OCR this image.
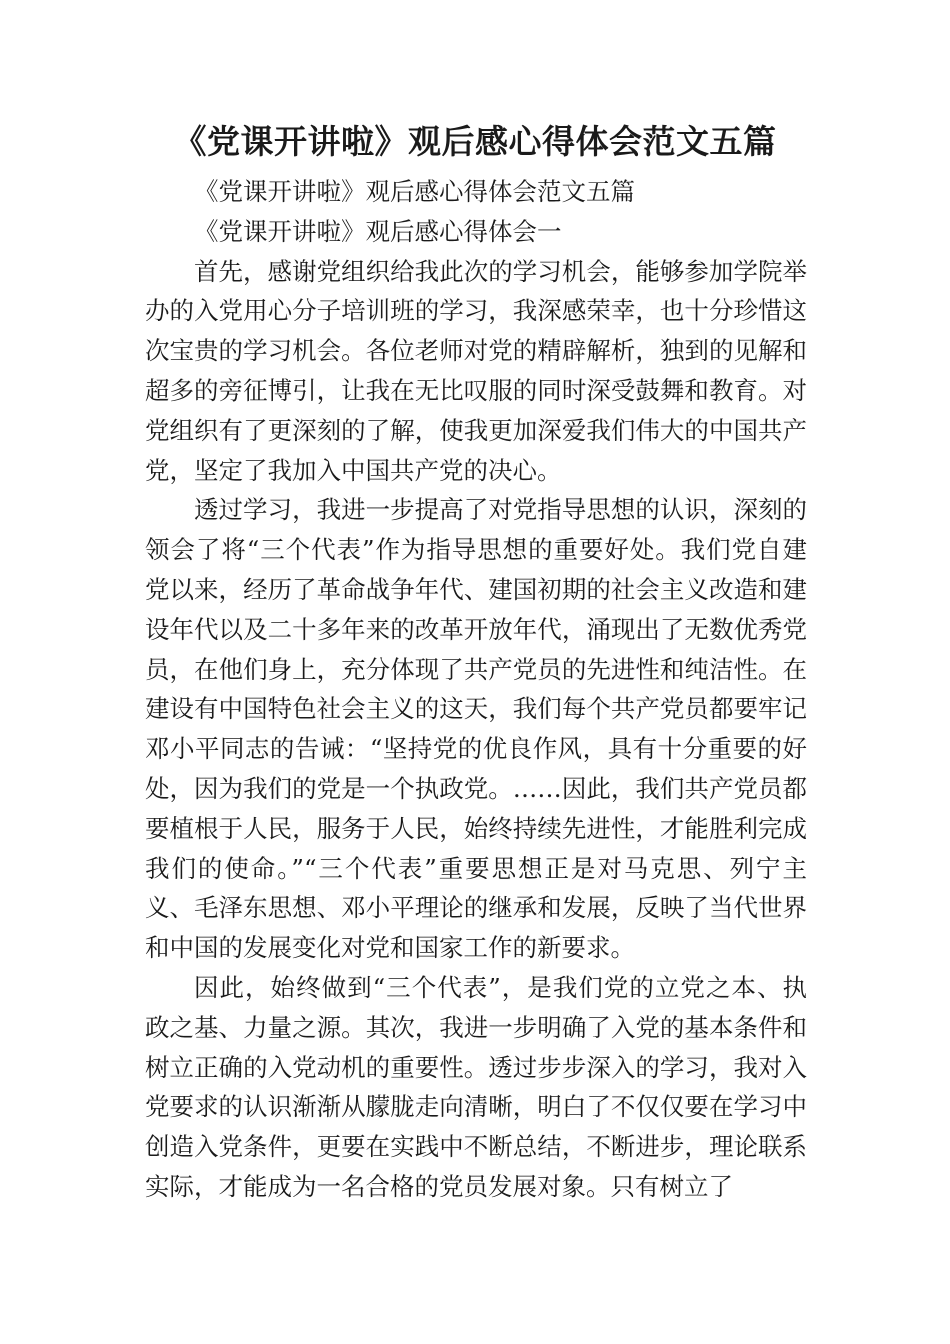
《党课开讲啦》观后感心得体会范文五篇

《党课开讲啦》观后感心得体会范文五篇

《党课开讲啦》观后感心得体会一

首先，感谢党组织给我此次的学习机会，能够参加学院举办的入党用心分子培训班的学习，我深感荣幸，也十分珍惜这次宝贵的学习机会。各位老师对党的精辟解析，独到的见解和超多的旁征博引，让我在无比叹服的同时深受鼓舞和教育。对党组织有了更深刻的了解，使我更加深爱我们伟大的中国共产党，坚定了我加入中国共产党的决心。

透过学习，我进一步提高了对党指导思想的认识，深刻的领会了将“三个代表”作为指导思想的重要好处。我们党自建党以来，经历了革命战争年代、建国初期的社会主义改造和建设年代以及二十多年来的改革开放年代，涌现出了无数优秀党员，在他们身上，充分体现了共产党员的先进性和纯洁性。在建设有中国特色社会主义的这天，我们每个共产党员都要牢记邓小平同志的告诫：“坚持党的优良作风，具有十分重要的好处，因为我们的党是一个执政党。……因此，我们共产党员都要植根于人民，服务于人民，始终持续先进性，才能胜利完成我们的使命。”“三个代表”重要思想正是对马克思、列宁主义、毛泽东思想、邓小平理论的继承和发展，反映了当代世界和中国的发展变化对党和国家工作的新要求。

因此，始终做到“三个代表”，是我们党的立党之本、执政之基、力量之源。其次，我进一步明确了入党的基本条件和树立正确的入党动机的重要性。透过步步深入的学习，我对入党要求的认识渐渐从朦胧走向清晰，明白了不仅仅要在学习中创造入党条件，更要在实践中不断总结，不断进步，理论联系实际，才能成为一名合格的党员发展对象。只有树立了
